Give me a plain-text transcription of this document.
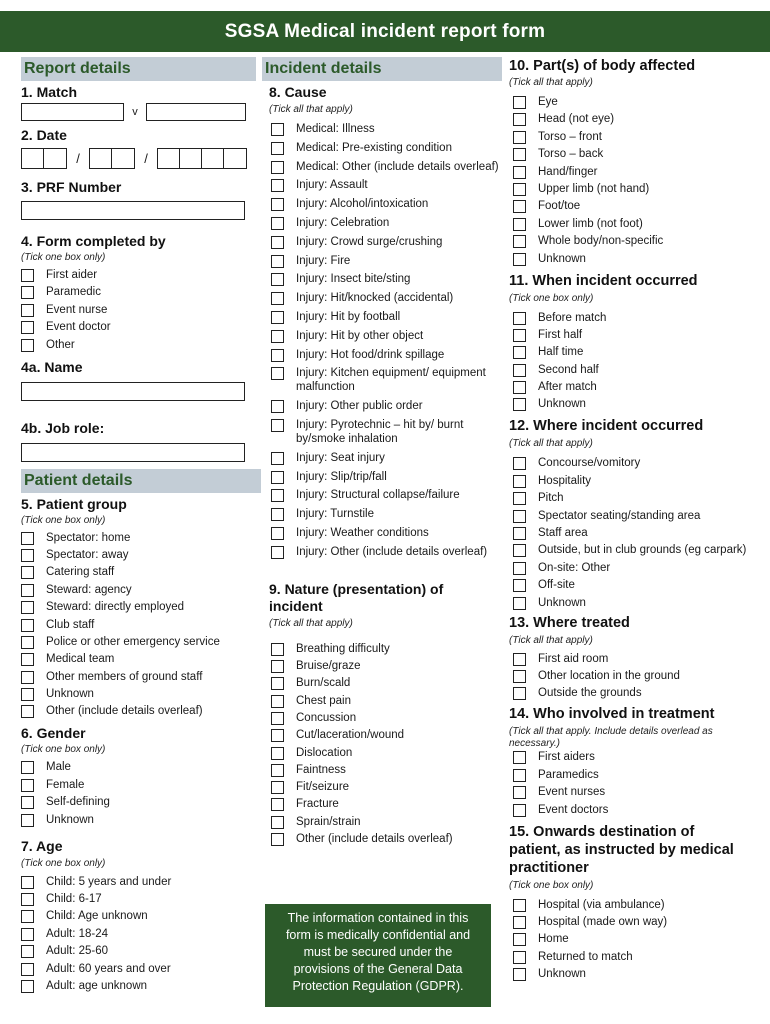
SGSA Medical incident report form
Report details
1. Match
v
2. Date
/	/
3. PRF Number
4. Form completed by
(Tick one box only)
First aider
Paramedic
Event nurse
Event doctor
Other
4a. Name
4b. Job role:
Patient details
5. Patient group
(Tick one box only)
Spectator: home
Spectator: away
Catering staff
Steward: agency
Steward: directly employed
Club staff
Police or other emergency service
Medical team
Other members of ground staff
Unknown
Other (include details overleaf)
6. Gender
(Tick one box only)
Male
Female
Self-defining
Unknown
7. Age
(Tick one box only)
Child: 5 years and under
Child: 6-17
Child: Age unknown
Adult: 18-24
Adult: 25-60
Adult: 60 years and over
Adult: age unknown
Incident details
8. Cause
(Tick all that apply)
Medical: Illness
Medical: Pre-existing condition
Medical: Other (include details overleaf)
Injury: Assault
Injury: Alcohol/intoxication
Injury: Celebration
Injury: Crowd surge/crushing
Injury: Fire
Injury: Insect bite/sting
Injury: Hit/knocked (accidental)
Injury: Hit by football
Injury: Hit by other object
Injury: Hot food/drink spillage
Injury: Kitchen equipment/ equipment malfunction
Injury: Other public order
Injury: Pyrotechnic – hit by/ burnt by/smoke inhalation
Injury: Seat injury
Injury: Slip/trip/fall
Injury: Structural collapse/failure
Injury: Turnstile
Injury: Weather conditions
Injury: Other (include details overleaf)
9. Nature (presentation) of incident
(Tick all that apply)
Breathing difficulty
Bruise/graze
Burn/scald
Chest pain
Concussion
Cut/laceration/wound
Dislocation
Faintness
Fit/seizure
Fracture
Sprain/strain
Other (include details overleaf)
The information contained in this form is medically confidential and must be secured under the provisions of the General Data Protection Regulation (GDPR).
10. Part(s) of body affected
(Tick all that apply)
Eye
Head (not eye)
Torso – front
Torso – back
Hand/finger
Upper limb (not hand)
Foot/toe
Lower limb (not foot)
Whole body/non-specific
Unknown
11. When incident occurred
(Tick one box only)
Before match
First half
Half time
Second half
After match
Unknown
12. Where incident occurred
(Tick all that apply)
Concourse/vomitory
Hospitality
Pitch
Spectator seating/standing area
Staff area
Outside, but in club grounds (eg carpark)
On-site: Other
Off-site
Unknown
13. Where treated
(Tick all that apply)
First aid room
Other location in the ground
Outside the grounds
14. Who involved in treatment
(Tick all that apply. Include details overlead as necessary.)
First aiders
Paramedics
Event nurses
Event doctors
15. Onwards destination of patient, as instructed by medical practitioner
(Tick one box only)
Hospital (via ambulance)
Hospital (made own way)
Home
Returned to match
Unknown
